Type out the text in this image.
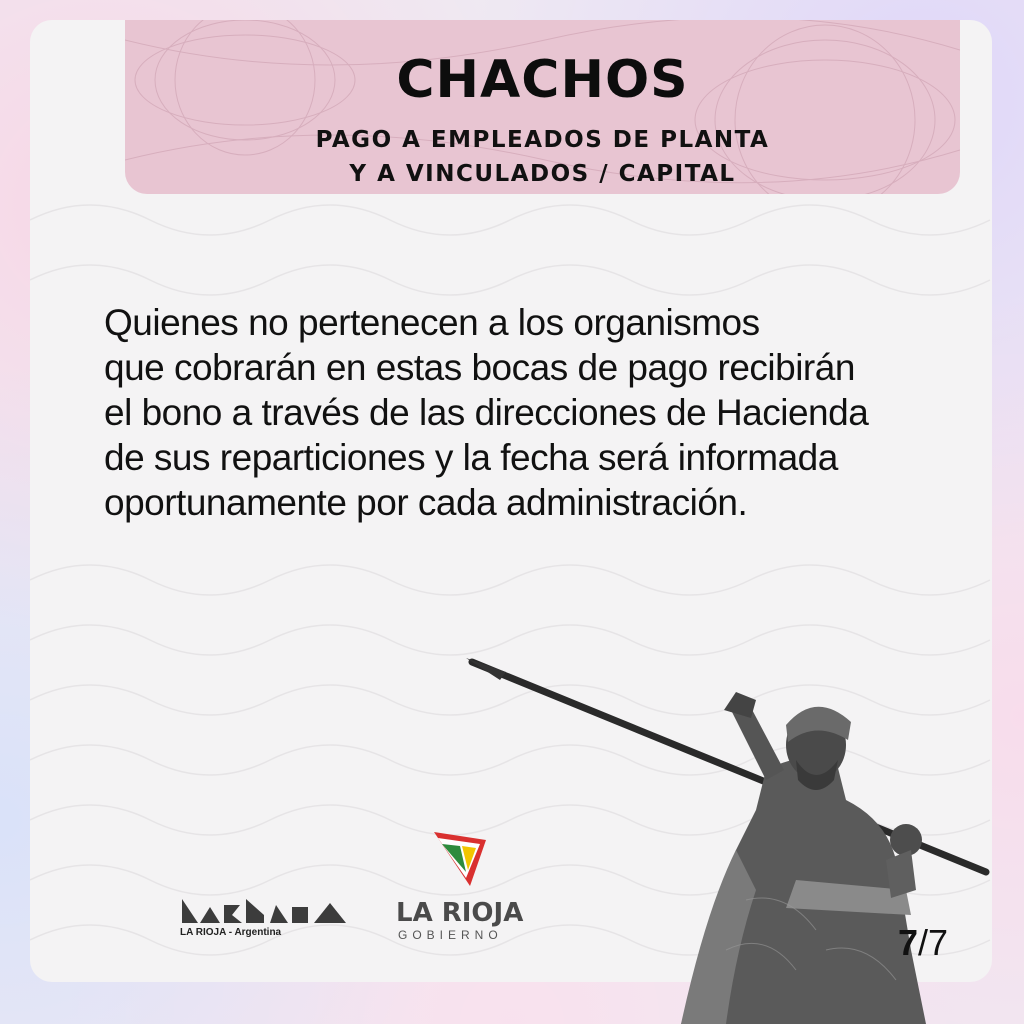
CHACHOS
PAGO A EMPLEADOS DE PLANTA
Y A VINCULADOS / CAPITAL
Quienes no pertenecen a los organismos
que cobrarán en estas bocas de pago recibirán
el bono a través de las direcciones de Hacienda
de sus reparticiones y la fecha será informada
oportunamente por cada administración.
LA RIOJA - Argentina
LA RIOJA
GOBIERNO	7/7
